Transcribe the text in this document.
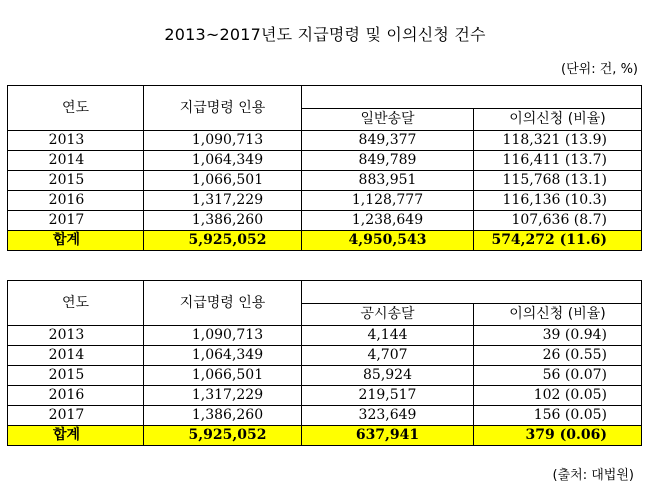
2013~2017년도 지급명령 및 이의신청 건수
(단위: 건, %)
연도	지급명령 인용		
		일반송달	이의신청 (비율)
2013	1,090,713	849,377	118,321 (13.9)
2014	1,064,349	849,789	116,411 (13.7)
2015	1,066,501	883,951	115,768 (13.1)
2016	1,317,229	1,128,777	116,136 (10.3)
2017	1,386,260	1,238,649	107,636 (8.7)
합계	5,925,052	4,950,543	574,272 (11.6)
연도	지급명령 인용		
		공시송달	이의신청 (비율)
2013	1,090,713	4,144	39 (0.94)
2014	1,064,349	4,707	26 (0.55)
2015	1,066,501	85,924	56 (0.07)
2016	1,317,229	219,517	102 (0.05)
2017	1,386,260	323,649	156 (0.05)
합계	5,925,052	637,941	379 (0.06)
(출처: 대법원)
